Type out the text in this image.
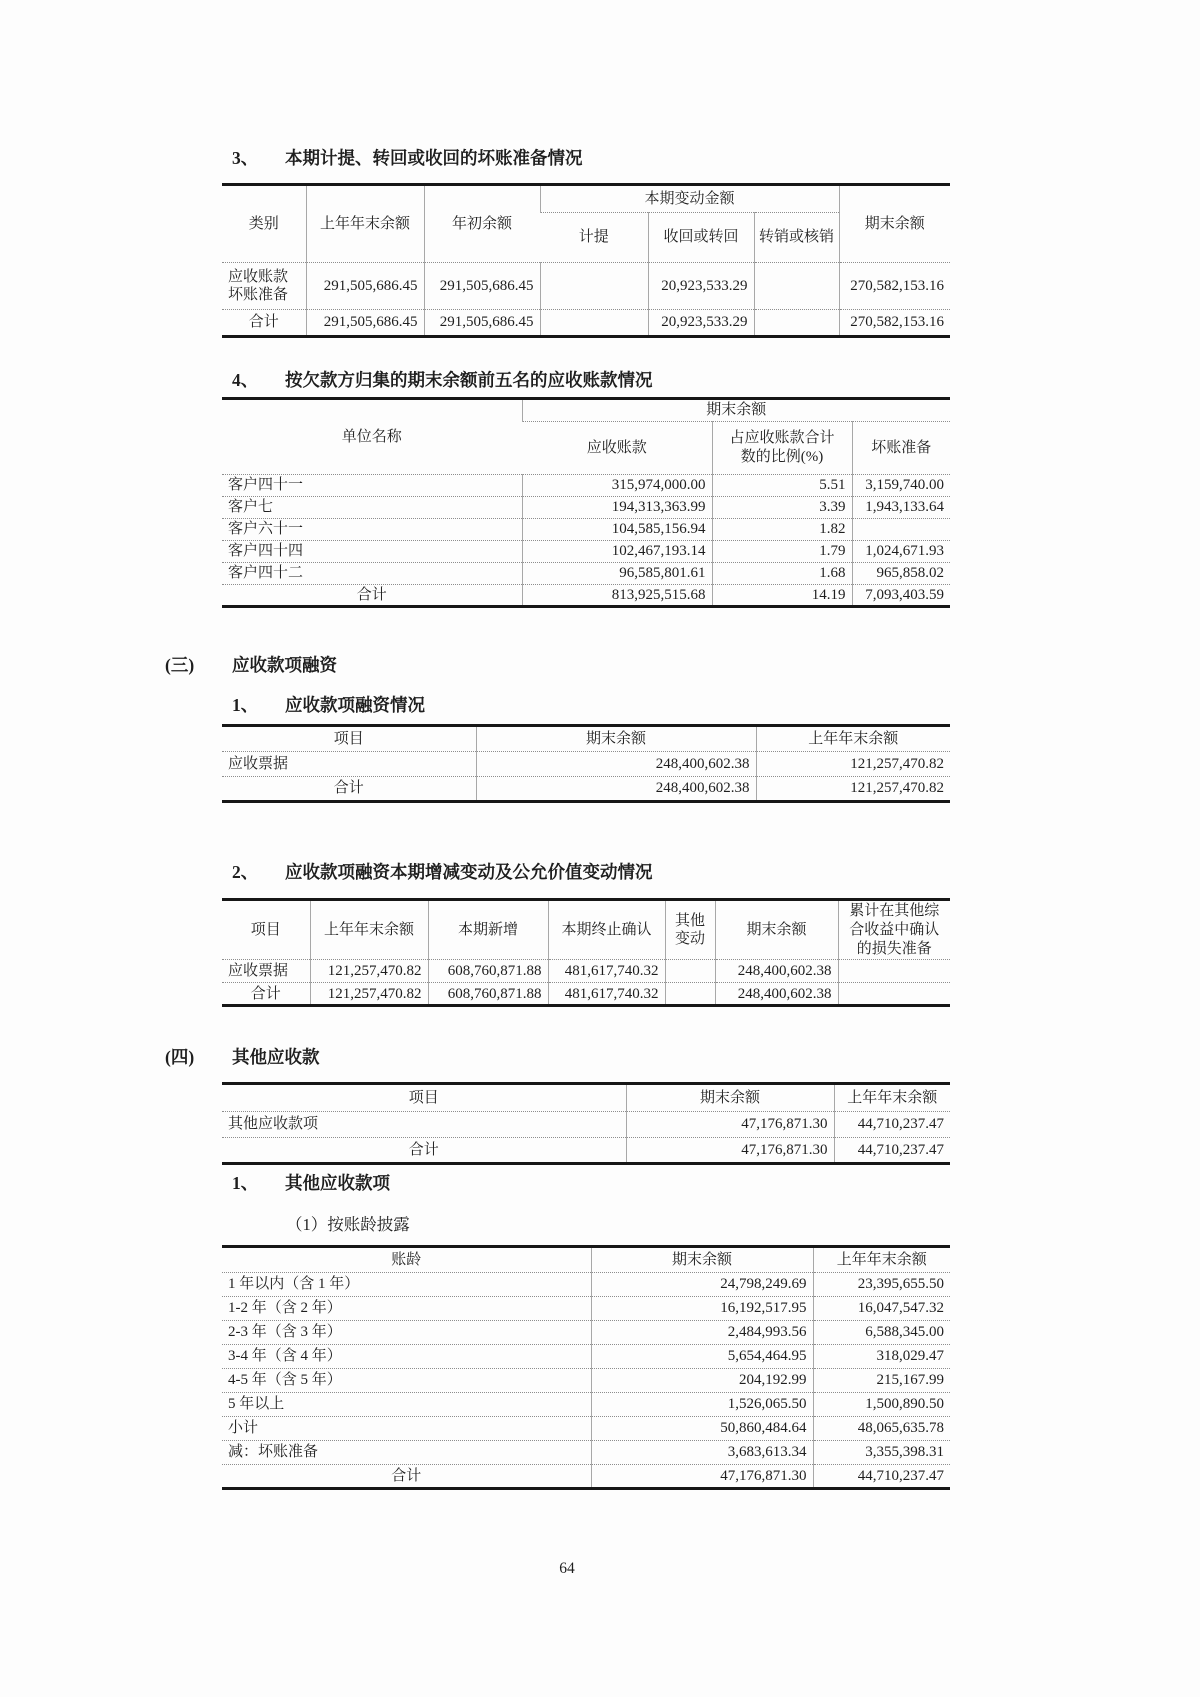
3、	本期计提、转回或收回的坏账准备情况
类别	上年年末余额	年初余额	本期变动金额			期末余额
			计提	收回或转回	转销或核销	
应收账款坏账准备	291,505,686.45	291,505,686.45		20,923,533.29		270,582,153.16
合计	291,505,686.45	291,505,686.45		20,923,533.29		270,582,153.16
4、	按欠款方归集的期末余额前五名的应收账款情况
单位名称	期末余额		
	应收账款	占应收账款合计数的比例(%)	坏账准备
客户四十一	315,974,000.00	5.51	3,159,740.00
客户七	194,313,363.99	3.39	1,943,133.64
客户六十一	104,585,156.94	1.82	
客户四十四	102,467,193.14	1.79	1,024,671.93
客户四十二	96,585,801.61	1.68	965,858.02
合计	813,925,515.68	14.19	7,093,403.59
(三)	应收款项融资
1、	应收款项融资情况
项目	期末余额	上年年末余额
应收票据	248,400,602.38	121,257,470.82
合计	248,400,602.38	121,257,470.82
2、	应收款项融资本期增减变动及公允价值变动情况
项目	上年年末余额	本期新增	本期终止确认	其他变动	期末余额	累计在其他综合收益中确认的损失准备
应收票据	121,257,470.82	608,760,871.88	481,617,740.32		248,400,602.38	
合计	121,257,470.82	608,760,871.88	481,617,740.32		248,400,602.38	
(四)	其他应收款
项目	期末余额	上年年末余额
其他应收款项	47,176,871.30	44,710,237.47
合计	47,176,871.30	44,710,237.47
1、	其他应收款项
（1）按账龄披露
账龄	期末余额	上年年末余额
1 年以内（含 1 年）	24,798,249.69	23,395,655.50
1-2 年（含 2 年）	16,192,517.95	16,047,547.32
2-3 年（含 3 年）	2,484,993.56	6,588,345.00
3-4 年（含 4 年）	5,654,464.95	318,029.47
4-5 年（含 5 年）	204,192.99	215,167.99
5 年以上	1,526,065.50	1,500,890.50
小计	50,860,484.64	48,065,635.78
减：坏账准备	3,683,613.34	3,355,398.31
合计	47,176,871.30	44,710,237.47
64
